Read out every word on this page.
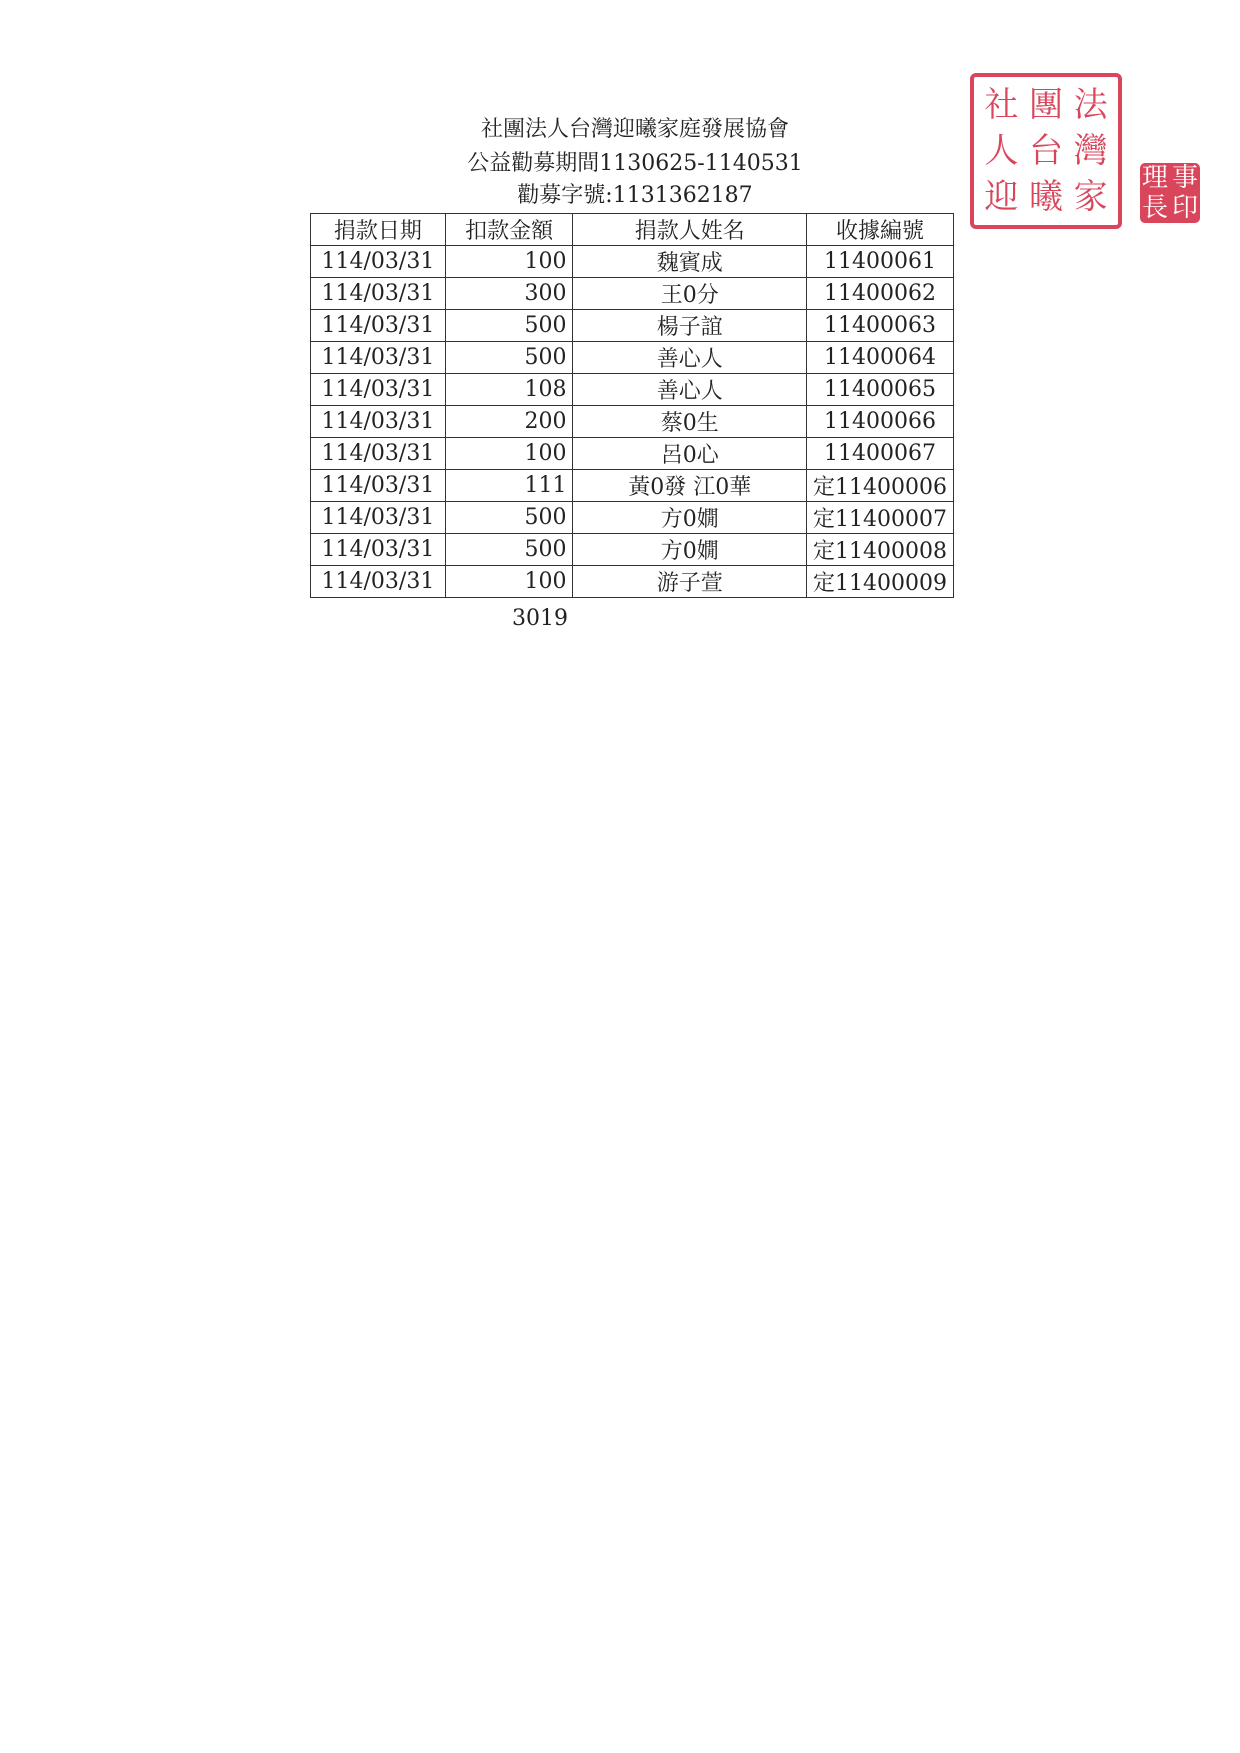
社團法人台灣迎曦家庭發展協會
公益勸募期間1130625-1140531
勸募字號:1131362187
捐款日期	扣款金額	捐款人姓名	收據編號
114/03/31	100	魏賓成	11400061
114/03/31	300	王0分	11400062
114/03/31	500	楊子誼	11400063
114/03/31	500	善心人	11400064
114/03/31	108	善心人	11400065
114/03/31	200	蔡0生	11400066
114/03/31	100	呂0心	11400067
114/03/31	111	黃0發 江0華	定11400006
114/03/31	500	方0嫺	定11400007
114/03/31	500	方0嫺	定11400008
114/03/31	100	游子萱	定11400009
3019
社 團 法
人 台 灣
迎 曦 家 理 事
長 印
